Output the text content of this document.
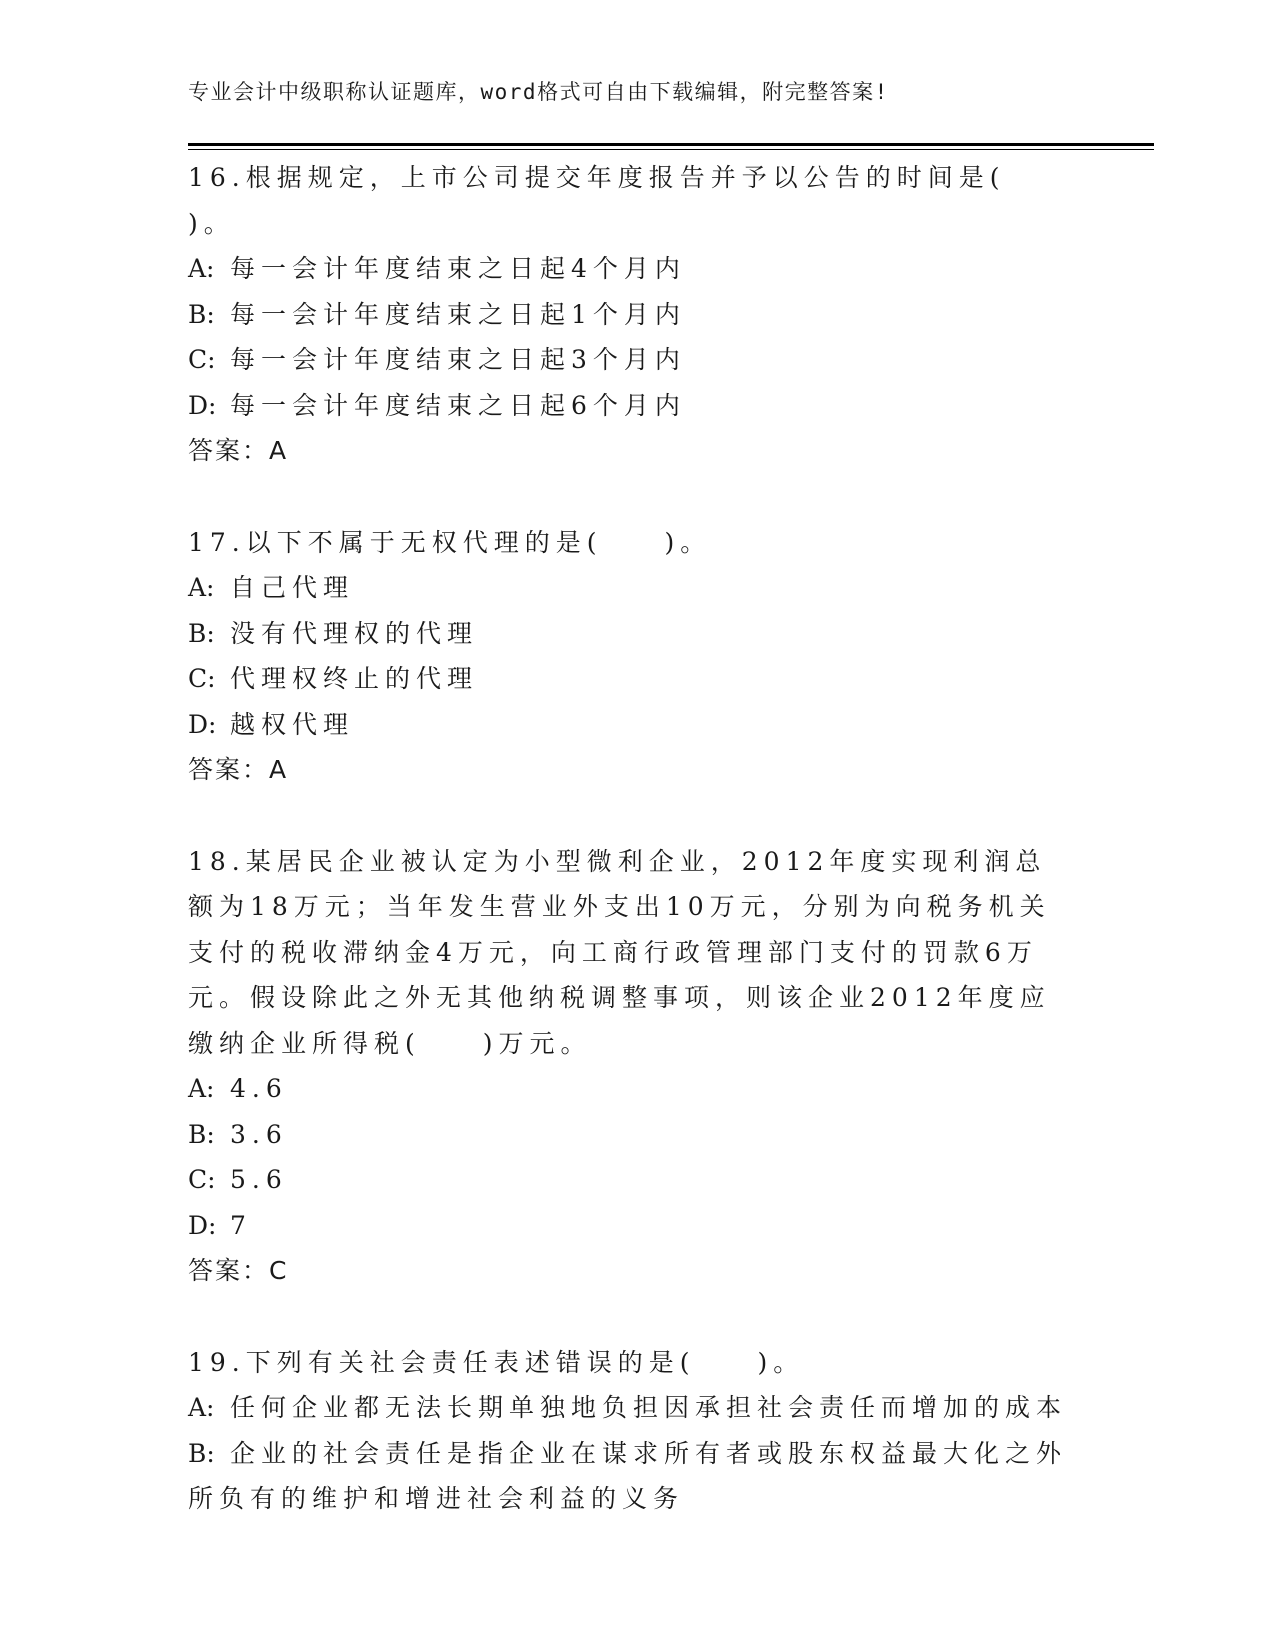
专业会计中级职称认证题库，word格式可自由下载编辑，附完整答案!
16.根据规定，上市公司提交年度报告并予以公告的时间是(　　)。
A: 每一会计年度结束之日起4个月内
B: 每一会计年度结束之日起1个月内
C: 每一会计年度结束之日起3个月内
D: 每一会计年度结束之日起6个月内
答案：A
17.以下不属于无权代理的是(　　)。
A: 自己代理
B: 没有代理权的代理
C: 代理权终止的代理
D: 越权代理
答案：A
18.某居民企业被认定为小型微利企业，2012年度实现利润总额为18万元；当年发生营业外支出10万元，分别为向税务机关支付的税收滞纳金4万元，向工商行政管理部门支付的罚款6万元。假设除此之外无其他纳税调整事项，则该企业2012年度应缴纳企业所得税(　　)万元。
A: 4.6
B: 3.6
C: 5.6
D: 7
答案：C
19.下列有关社会责任表述错误的是(　　)。
A: 任何企业都无法长期单独地负担因承担社会责任而增加的成本
B: 企业的社会责任是指企业在谋求所有者或股东权益最大化之外所负有的维护和增进社会利益的义务
